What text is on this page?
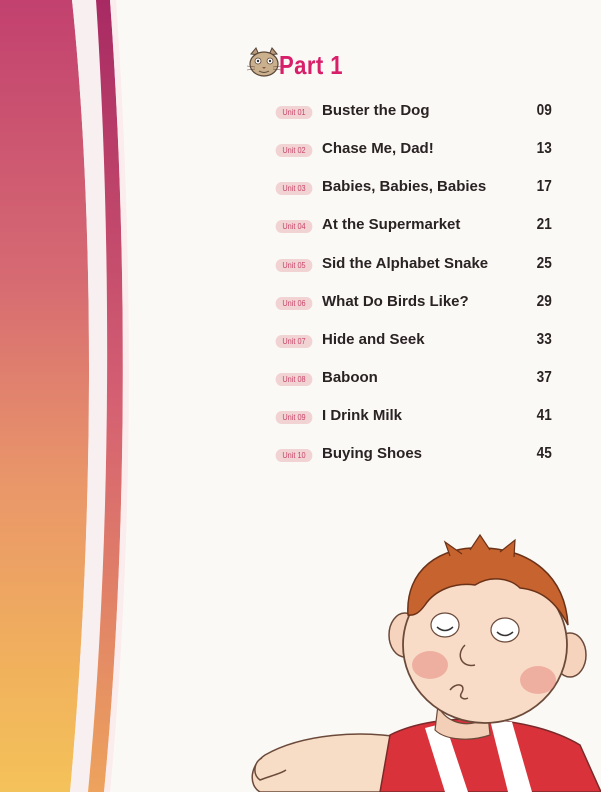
Part 1
Unit 01	Buster the Dog	09
Unit 02	Chase Me, Dad!	13
Unit 03	Babies, Babies, Babies	17
Unit 04	At the Supermarket	21
Unit 05	Sid the Alphabet Snake	25
Unit 06	What Do Birds Like?	29
Unit 07	Hide and Seek	33
Unit 08	Baboon	37
Unit 09	I Drink Milk	41
Unit 10	Buying Shoes	45
